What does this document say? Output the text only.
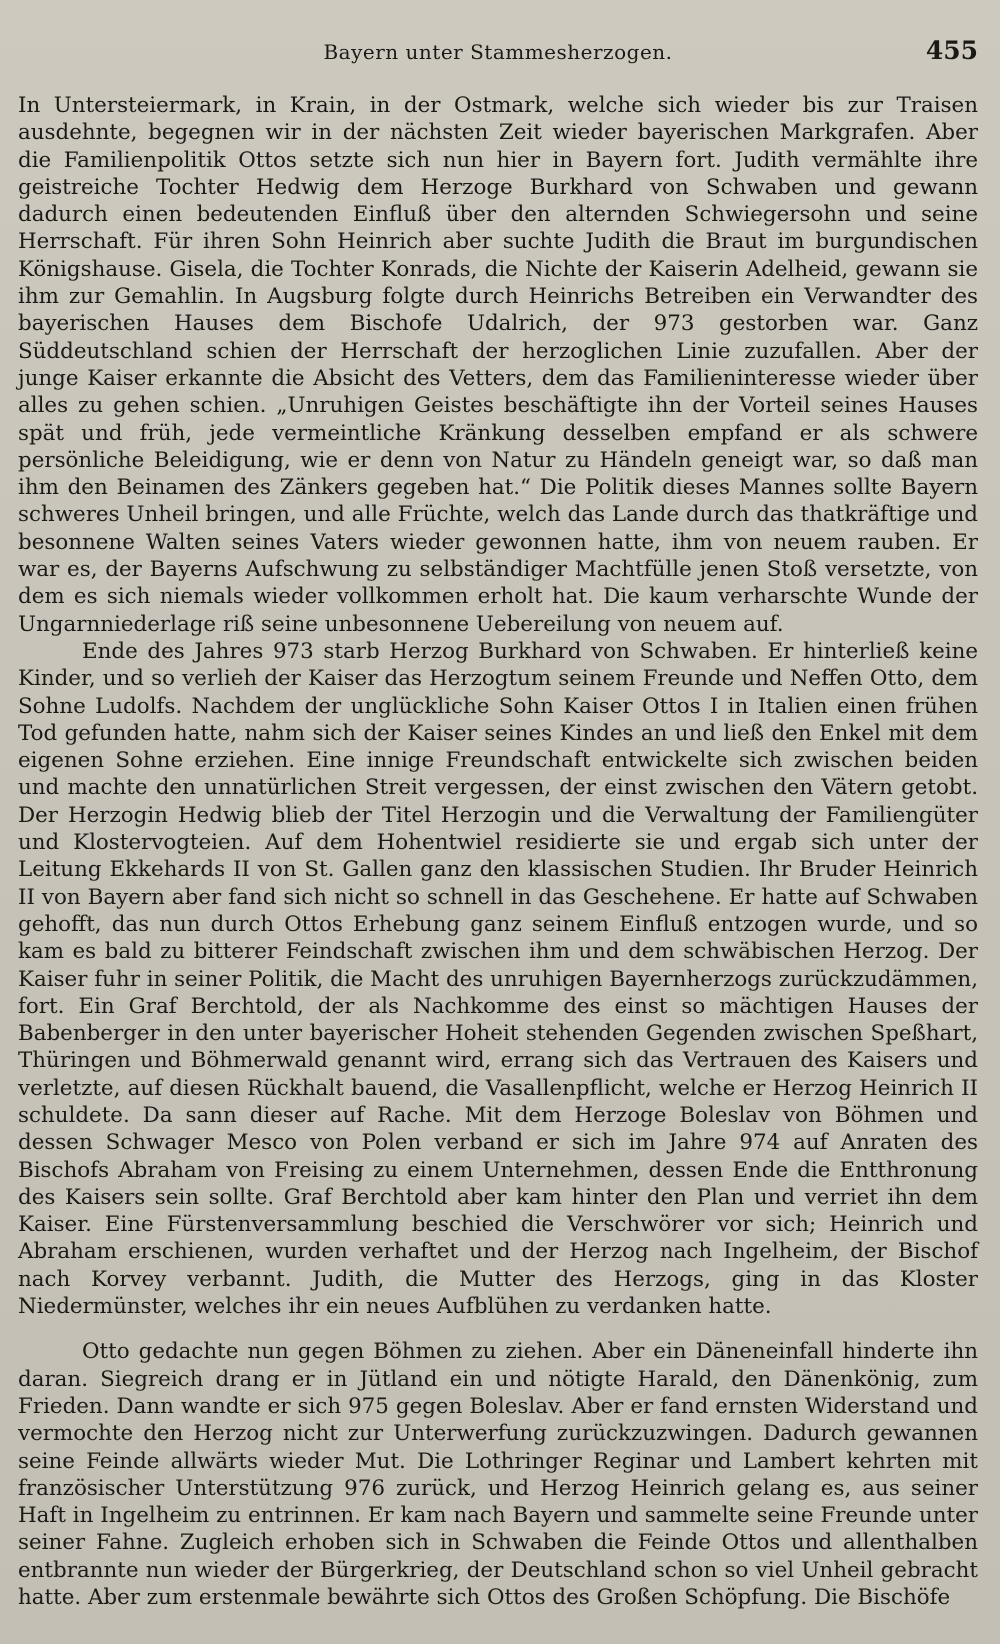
Bayern unter Stammesherzogen.	455

In Untersteiermark, in Krain, in der Ostmark, welche sich wieder bis zur Traisen ausdehnte, begegnen wir in der nächsten Zeit wieder bayerischen Markgrafen. Aber die Familienpolitik Ottos setzte sich nun hier in Bayern fort. Judith vermählte ihre geistreiche Tochter Hedwig dem Herzoge Burkhard von Schwaben und gewann dadurch einen bedeutenden Einfluß über den alternden Schwiegersohn und seine Herrschaft. Für ihren Sohn Heinrich aber suchte Judith die Braut im burgundischen Königshause. Gisela, die Tochter Konrads, die Nichte der Kaiserin Adelheid, gewann sie ihm zur Gemahlin. In Augsburg folgte durch Heinrichs Betreiben ein Verwandter des bayerischen Hauses dem Bischofe Udalrich, der 973 gestorben war. Ganz Süddeutschland schien der Herrschaft der herzoglichen Linie zuzufallen. Aber der junge Kaiser erkannte die Absicht des Vetters, dem das Familieninteresse wieder über alles zu gehen schien. „Unruhigen Geistes beschäftigte ihn der Vorteil seines Hauses spät und früh, jede vermeintliche Kränkung desselben empfand er als schwere persönliche Beleidigung, wie er denn von Natur zu Händeln geneigt war, so daß man ihm den Beinamen des Zänkers gegeben hat.“ Die Politik dieses Mannes sollte Bayern schweres Unheil bringen, und alle Früchte, welch das Lande durch das thatkräftige und besonnene Walten seines Vaters wieder gewonnen hatte, ihm von neuem rauben. Er war es, der Bayerns Aufschwung zu selbständiger Machtfülle jenen Stoß versetzte, von dem es sich niemals wieder vollkommen erholt hat. Die kaum verharschte Wunde der Ungarnniederlage riß seine unbesonnene Uebereilung von neuem auf.

Ende des Jahres 973 starb Herzog Burkhard von Schwaben. Er hinterließ keine Kinder, und so verlieh der Kaiser das Herzogtum seinem Freunde und Neffen Otto, dem Sohne Ludolfs. Nachdem der unglückliche Sohn Kaiser Ottos I in Italien einen frühen Tod gefunden hatte, nahm sich der Kaiser seines Kindes an und ließ den Enkel mit dem eigenen Sohne erziehen. Eine innige Freundschaft entwickelte sich zwischen beiden und machte den unnatürlichen Streit vergessen, der einst zwischen den Vätern getobt. Der Herzogin Hedwig blieb der Titel Herzogin und die Verwaltung der Familiengüter und Klostervogteien. Auf dem Hohentwiel residierte sie und ergab sich unter der Leitung Ekkehards II von St. Gallen ganz den klassischen Studien. Ihr Bruder Heinrich II von Bayern aber fand sich nicht so schnell in das Geschehene. Er hatte auf Schwaben gehofft, das nun durch Ottos Erhebung ganz seinem Einfluß entzogen wurde, und so kam es bald zu bitterer Feindschaft zwischen ihm und dem schwäbischen Herzog. Der Kaiser fuhr in seiner Politik, die Macht des unruhigen Bayernherzogs zurückzudämmen, fort. Ein Graf Berchtold, der als Nachkomme des einst so mächtigen Hauses der Babenberger in den unter bayerischer Hoheit stehenden Gegenden zwischen Speßhart, Thüringen und Böhmerwald genannt wird, errang sich das Vertrauen des Kaisers und verletzte, auf diesen Rückhalt bauend, die Vasallenpflicht, welche er Herzog Heinrich II schuldete. Da sann dieser auf Rache. Mit dem Herzoge Boleslav von Böhmen und dessen Schwager Mesco von Polen verband er sich im Jahre 974 auf Anraten des Bischofs Abraham von Freising zu einem Unternehmen, dessen Ende die Entthronung des Kaisers sein sollte. Graf Berchtold aber kam hinter den Plan und verriet ihn dem Kaiser. Eine Fürstenversammlung beschied die Verschwörer vor sich; Heinrich und Abraham erschienen, wurden verhaftet und der Herzog nach Ingelheim, der Bischof nach Korvey verbannt. Judith, die Mutter des Herzogs, ging in das Kloster Niedermünster, welches ihr ein neues Aufblühen zu verdanken hatte.

Otto gedachte nun gegen Böhmen zu ziehen. Aber ein Däneneinfall hinderte ihn daran. Siegreich drang er in Jütland ein und nötigte Harald, den Dänenkönig, zum Frieden. Dann wandte er sich 975 gegen Boleslav. Aber er fand ernsten Widerstand und vermochte den Herzog nicht zur Unterwerfung zurückzuzwingen. Dadurch gewannen seine Feinde allwärts wieder Mut. Die Lothringer Reginar und Lambert kehrten mit französischer Unterstützung 976 zurück, und Herzog Heinrich gelang es, aus seiner Haft in Ingelheim zu entrinnen. Er kam nach Bayern und sammelte seine Freunde unter seiner Fahne. Zugleich erhoben sich in Schwaben die Feinde Ottos und allenthalben entbrannte nun wieder der Bürgerkrieg, der Deutschland schon so viel Unheil gebracht hatte. Aber zum erstenmale bewährte sich Ottos des Großen Schöpfung. Die Bischöfe
